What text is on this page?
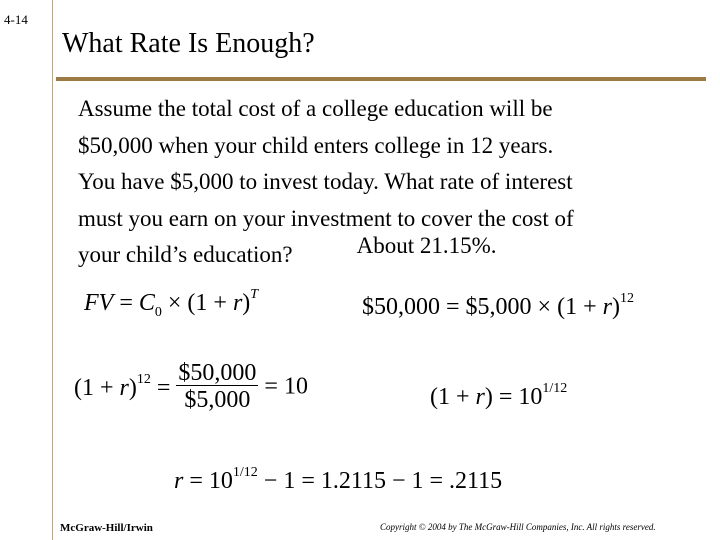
4-14
What Rate Is Enough?
Assume the total cost of a college education will be
$50,000 when your child enters college in 12 years.
You have $5,000 to invest today. What rate of interest
must you earn on your investment to cover the cost of
your child’s education?	About 21.15%.
FV = $C_0 \times (1 + r)^T$	$50,000 = $5,000 × $(1 + r)^{12}$
$(1 + r)^{12} = \frac{\$50,000}{\$5,000} = 10$	$(1 + r) = 10^{1/12}$
$r = 10^{1/12} - 1 = 1.2115 - 1 = .2115$
McGraw-Hill/Irwin	Copyright © 2004 by The McGraw-Hill Companies, Inc. All rights reserved.
